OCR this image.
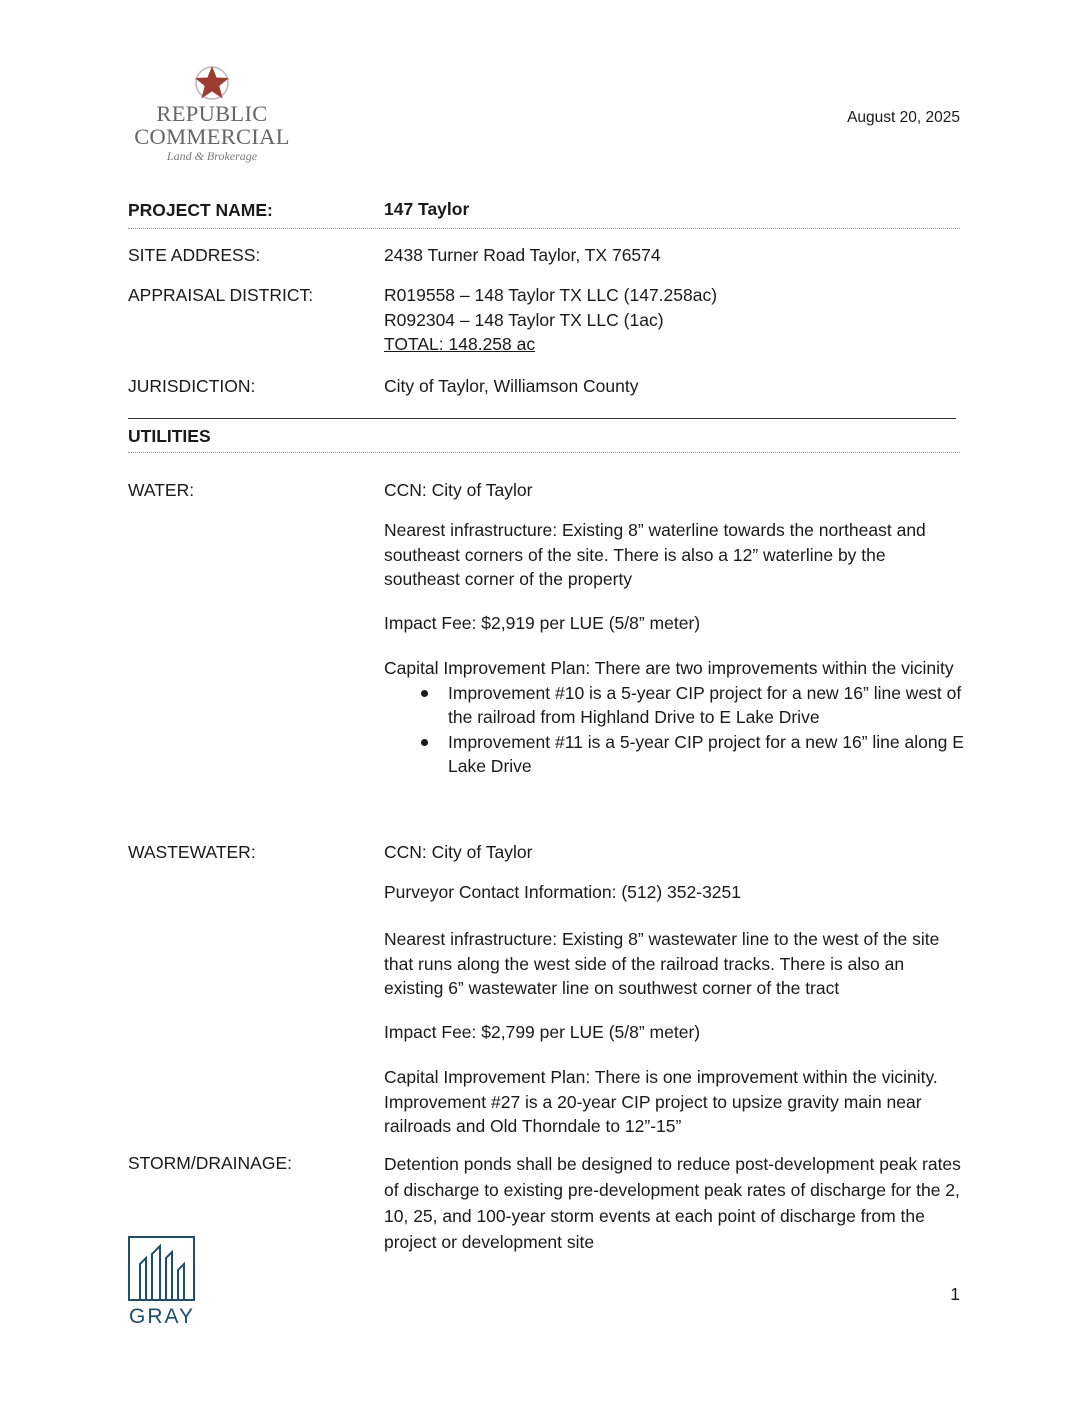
REPUBLIC
COMMERCIAL
Land & Brokerage
August 20, 2025
PROJECT NAME:	147 Taylor
SITE ADDRESS:	2438 Turner Road Taylor, TX 76574
APPRAISAL DISTRICT:	R019558 – 148 Taylor TX LLC (147.258ac)
R092304 – 148 Taylor TX LLC (1ac)
TOTAL: 148.258 ac
JURISDICTION:	City of Taylor, Williamson County
UTILITIES
WATER:	CCN: City of Taylor
Nearest infrastructure: Existing 8” waterline towards the northeast and southeast corners of the site. There is also a 12” waterline by the southeast corner of the property
Impact Fee: $2,919 per LUE (5/8” meter)
Capital Improvement Plan: There are two improvements within the vicinity
Improvement #10 is a 5-year CIP project for a new 16” line west of the railroad from Highland Drive to E Lake Drive
Improvement #11 is a 5-year CIP project for a new 16” line along E Lake Drive
WASTEWATER:	CCN: City of Taylor
Purveyor Contact Information: (512) 352-3251
Nearest infrastructure: Existing 8” wastewater line to the west of the site that runs along the west side of the railroad tracks. There is also an existing 6” wastewater line on southwest corner of the tract
Impact Fee: $2,799 per LUE (5/8” meter)
Capital Improvement Plan: There is one improvement within the vicinity. Improvement #27 is a 20-year CIP project to upsize gravity main near railroads and Old Thorndale to 12”-15”
STORM/DRAINAGE:	Detention ponds shall be designed to reduce post-development peak rates of discharge to existing pre-development peak rates of discharge for the 2, 10, 25, and 100-year storm events at each point of discharge from the project or development site
GRAY
1
